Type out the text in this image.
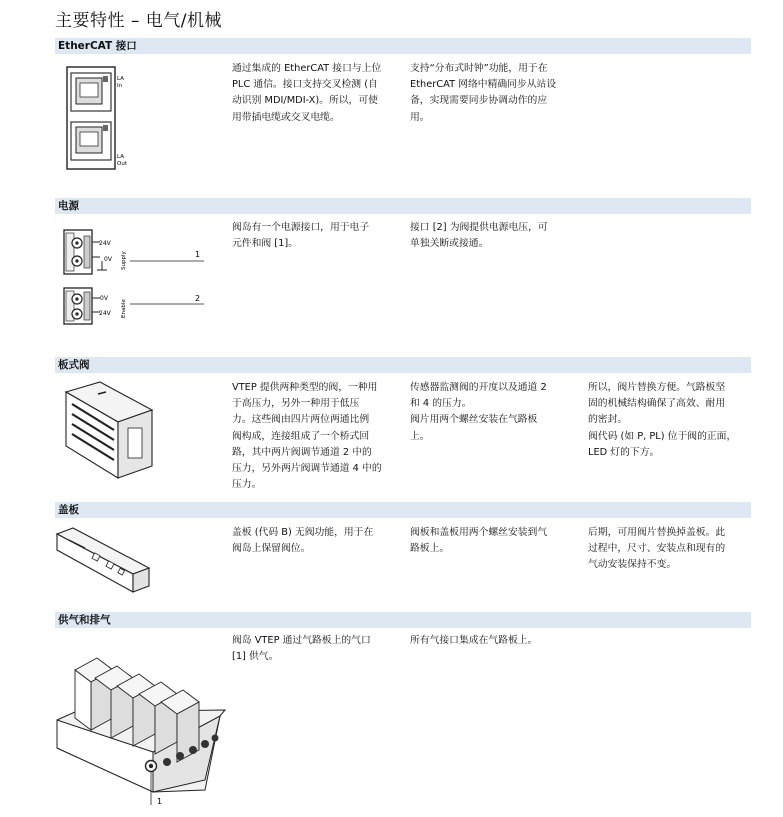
主要特性 – 电气/机械
EtherCAT 接口
LA
In
LA
Out
通过集成的 EtherCAT 接口与上位
PLC 通信。接口支持交叉检测 (自
动识别 MDI/MDI-X)。所以，可使
用带插电缆或交叉电缆。
支持“分布式时钟”功能，用于在
EtherCAT 网络中精确同步从站设
备，实现需要同步协调动作的应
用。
电源
24V
0V Supply	1
0V
24V Enable
2
阀岛有一个电源接口，用于电子
元件和阀 [1]。
接口 [2] 为阀提供电源电压，可
单独关断或接通。
板式阀
VTEP 提供两种类型的阀，一种用
于高压力，另外一种用于低压
力。这些阀由四片两位两通比例
阀构成，连接组成了一个桥式回
路，其中两片阀调节通道 2 中的
压力，另外两片阀调节通道 4 中的
压力。
传感器监测阀的开度以及通道 2
和 4 的压力。
阀片用两个螺丝安装在气路板
上。
所以，阀片替换方便。气路板坚
固的机械结构确保了高效、耐用
的密封。
阀代码 (如 P, PL) 位于阀的正面，
LED 灯的下方。
盖板
盖板 (代码 B) 无阀功能，用于在
阀岛上保留阀位。
阀板和盖板用两个螺丝安装到气
路板上。
后期，可用阀片替换掉盖板。此
过程中，尺寸、安装点和现有的
气动安装保持不变。
供气和排气
1
阀岛 VTEP 通过气路板上的气口
[1] 供气。
所有气接口集成在气路板上。
